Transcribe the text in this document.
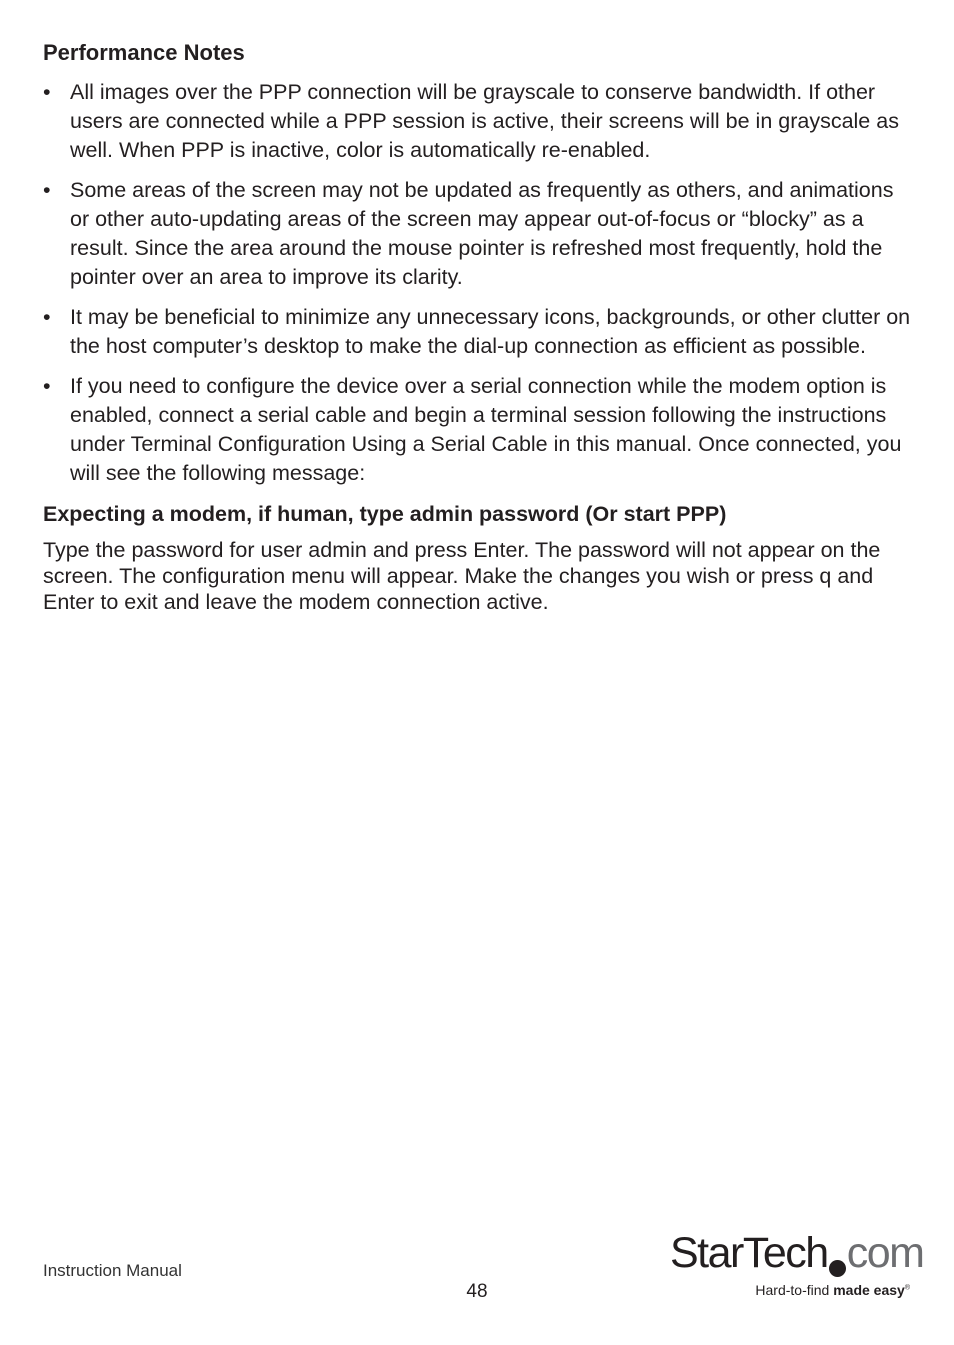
Performance Notes
• All images over the PPP connection will be grayscale to conserve bandwidth. If other users are connected while a PPP session is active, their screens will be in grayscale as well. When PPP is inactive, color is automatically re-enabled.
• Some areas of the screen may not be updated as frequently as others, and animations or other auto-updating areas of the screen may appear out-of-focus or “blocky” as a result. Since the area around the mouse pointer is refreshed most frequently, hold the pointer over an area to improve its clarity.
• It may be beneficial to minimize any unnecessary icons, backgrounds, or other clutter on the host computer’s desktop to make the dial-up connection as efficient as possible.
• If you need to configure the device over a serial connection while the modem option is enabled, connect a serial cable and begin a terminal session following the instructions under Terminal Configuration Using a Serial Cable in this manual. Once connected, you will see the following message:
Expecting a modem, if human, type admin password (Or start PPP)

Type the password for user admin and press Enter. The password will not appear on the screen. The configuration menu will appear. Make the changes you wish or press q and Enter to exit and leave the modem connection active.

Instruction Manual
48
StarTech com
Hard-to-find made easy®
